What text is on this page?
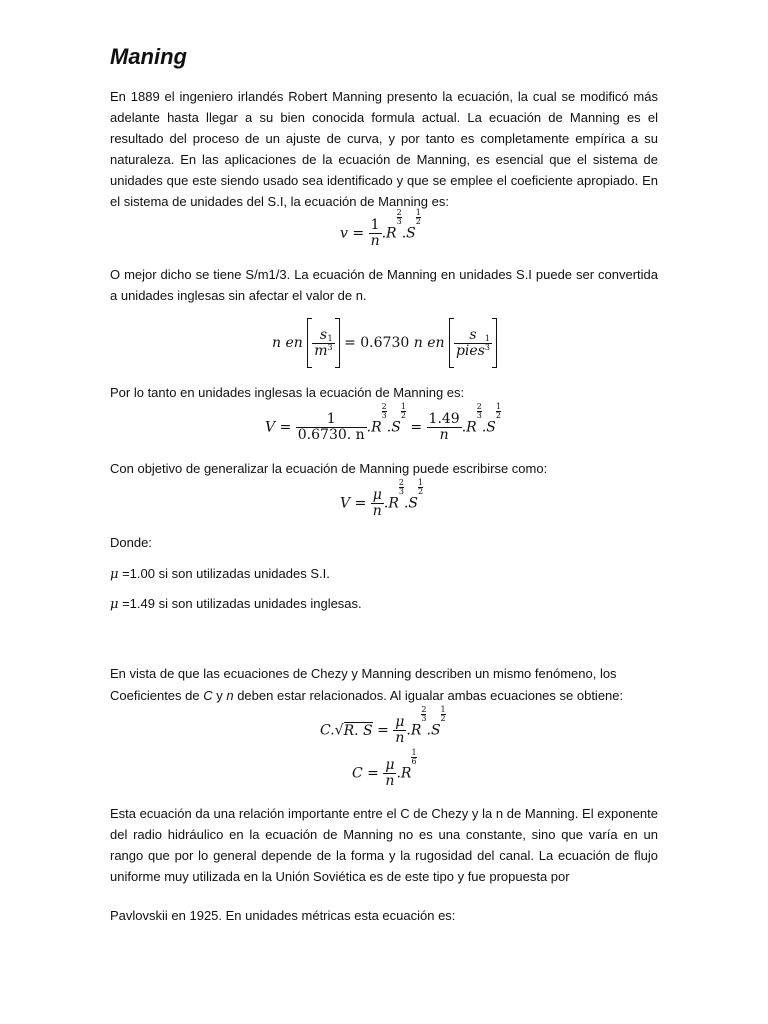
Maning
En 1889 el ingeniero irlandés Robert Manning presento la ecuación, la cual se modificó más adelante hasta llegar a su bien conocida formula actual. La ecuación de Manning es el resultado del proceso de un ajuste de curva, y por tanto es completamente empírica a su naturaleza. En las aplicaciones de la ecuación de Manning, es esencial que el sistema de unidades que este siendo usado sea identificado y que se emplee el coeficiente apropiado. En el sistema de unidades del S.I, la ecuación de Manning es:
$v = \frac{1}{n} .R$
$\frac{2}{3}$
.S
$\frac{1}{2}$
O mejor dicho se tiene S/m1/3. La ecuación de Manning en unidades S.I puede ser convertida a unidades inglesas sin afectar el valor de n.
n en $\frac{s}{m \frac{1}{3}} = 0.6730$ n en $\frac{s}{pies \frac{1}{3}}$
Por lo tanto en unidades inglesas la ecuación de Manning es:
$V = \frac{1}{0.6730. n} .R$
$\frac{2}{3}$
.S
$\frac{1}{2}$
= $\frac{1.49}{n} .R$
$\frac{2}{3}$
.S
$\frac{1}{2}$
Con objetivo de generalizar la ecuación de Manning puede escribirse como:
$V = \frac{\mu}{n} .R$
$\frac{2}{3}$
.S
$\frac{1}{2}$
Donde:
μ =1.00 si son utilizadas unidades S.I.
μ =1.49 si son utilizadas unidades inglesas.
En vista de que las ecuaciones de Chezy y Manning describen un mismo fenómeno, los
Coeficientes de C y n deben estar relacionados. Al igualar ambas ecuaciones se obtiene:
C.√R. $S = \frac{\mu}{n} .R$
$\frac{2}{3}$
.S
$\frac{1}{2}$
$C = \frac{\mu}{n} .R$
$\frac{1}{6}$
Esta ecuación da una relación importante entre el C de Chezy y la n de Manning. El exponente del radio hidráulico en la ecuación de Manning no es una constante, sino que varía en un rango que por lo general depende de la forma y la rugosidad del canal. La ecuación de flujo uniforme muy utilizada en la Unión Soviética es de este tipo y fue propuesta por
Pavlovskii en 1925. En unidades métricas esta ecuación es:
